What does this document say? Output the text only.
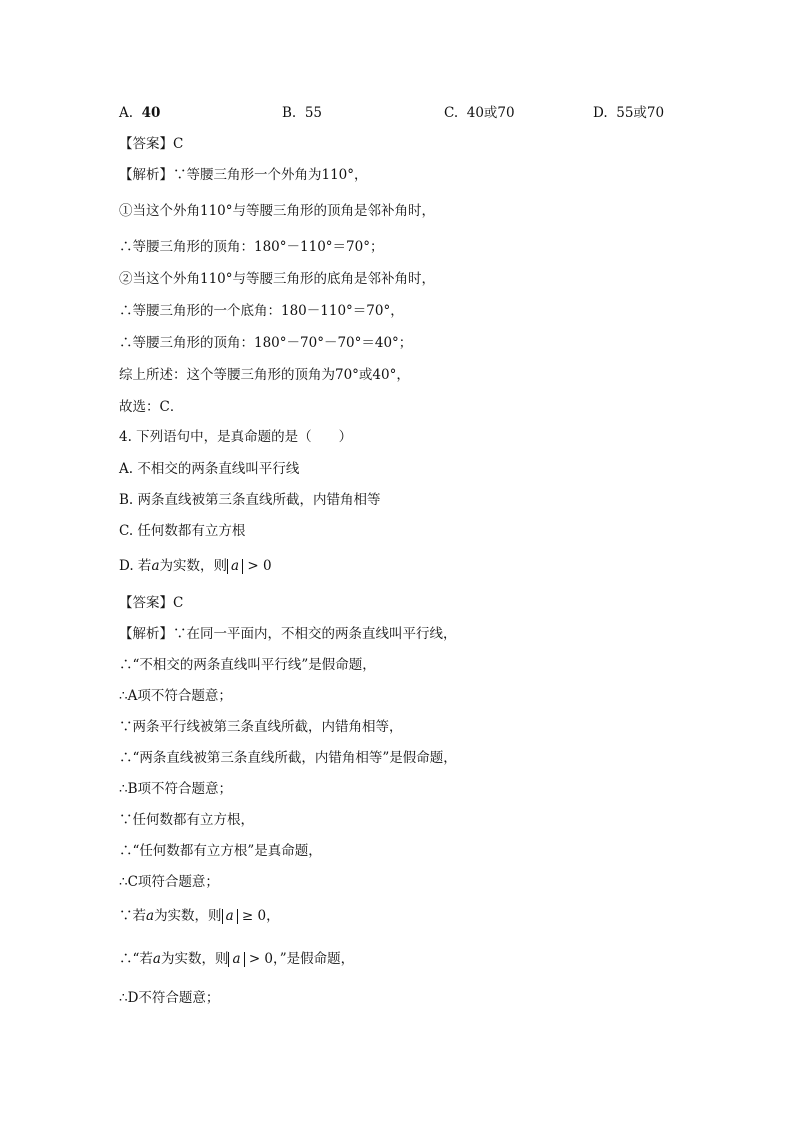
A. 40	B. 55	C. 40或70	D. 55或70
【答案】C
【解析】∵等腰三角形一个外角为110°，
①当这个外角110°与等腰三角形的顶角是邻补角时，
∴等腰三角形的顶角：180°－110°＝70°；
②当这个外角110°与等腰三角形的底角是邻补角时，
∴等腰三角形的一个底角：180－110°＝70°，
∴等腰三角形的顶角：180°－70°－70°＝40°；
综上所述：这个等腰三角形的顶角为70°或40°，
故选：C．
4. 下列语句中，是真命题的是（　　）
A. 不相交的两条直线叫平行线
B. 两条直线被第三条直线所截，内错角相等
C. 任何数都有立方根
D. 若a为实数，则 a > 0
【答案】C
【解析】∵在同一平面内，不相交的两条直线叫平行线，
∴“不相交的两条直线叫平行线”是假命题，
∴A项不符合题意；
∵两条平行线被第三条直线所截，内错角相等，
∴“两条直线被第三条直线所截，内错角相等”是假命题，
∴B项不符合题意；
∵任何数都有立方根，
∴“任何数都有立方根”是真命题，
∴C项符合题意；
∵若a为实数，则 a ≥ 0，
∴“若a为实数，则 a > 0，”是假命题，
∴D不符合题意；
